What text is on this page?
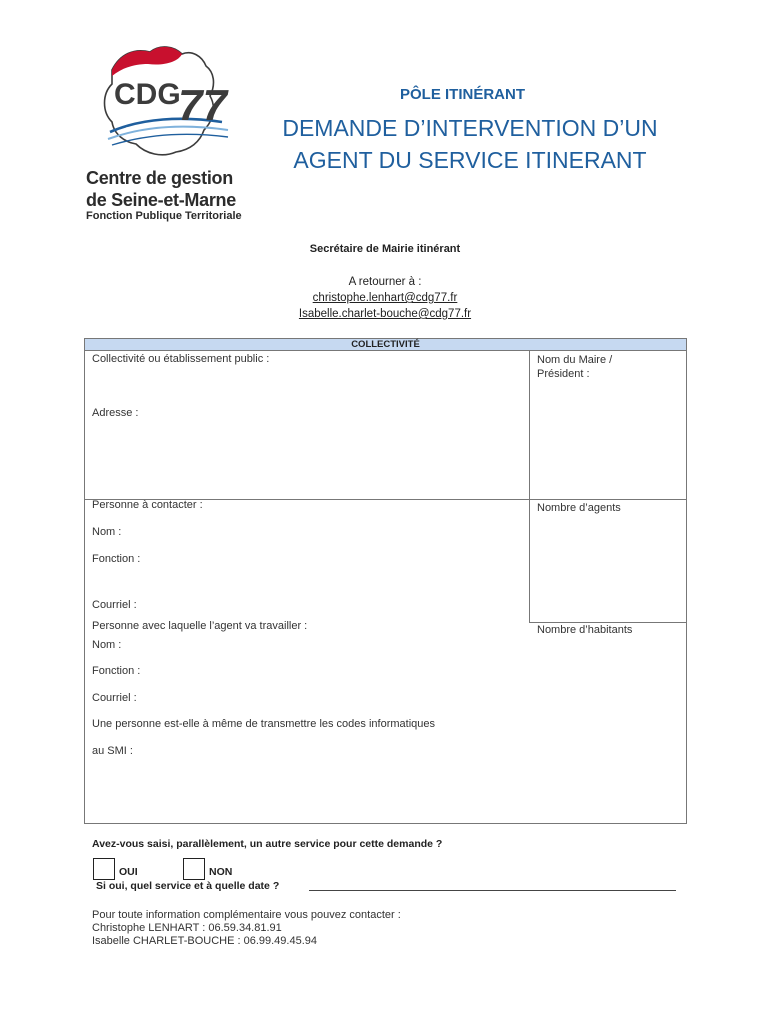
CDG
77
Centre de gestion
de Seine-et-Marne
Fonction Publique Territoriale
PÔLE ITINÉRANT
DEMANDE D’INTERVENTION D’UN
AGENT DU SERVICE ITINERANT
Secrétaire de Mairie itinérant
A retourner à :
christophe.lenhart@cdg77.fr
Isabelle.charlet-bouche@cdg77.fr
COLLECTIVITÉ
Collectivité ou établissement public :	Nom du Maire /
Président :
Adresse :
Personne à contacter :	Nombre d’agents
Nom :
Fonction :
Courriel :
Personne avec laquelle l’agent va travailler :	Nombre d’habitants
Nom :
Fonction :
Courriel :
Une personne est-elle à même de transmettre les codes informatiques
au SMI :
Avez-vous saisi, parallèlement, un autre service pour cette demande ?
OUI	NON
Si oui, quel service et à quelle date ?
Pour toute information complémentaire vous pouvez contacter :
Christophe LENHART : 06.59.34.81.91
Isabelle CHARLET-BOUCHE : 06.99.49.45.94
